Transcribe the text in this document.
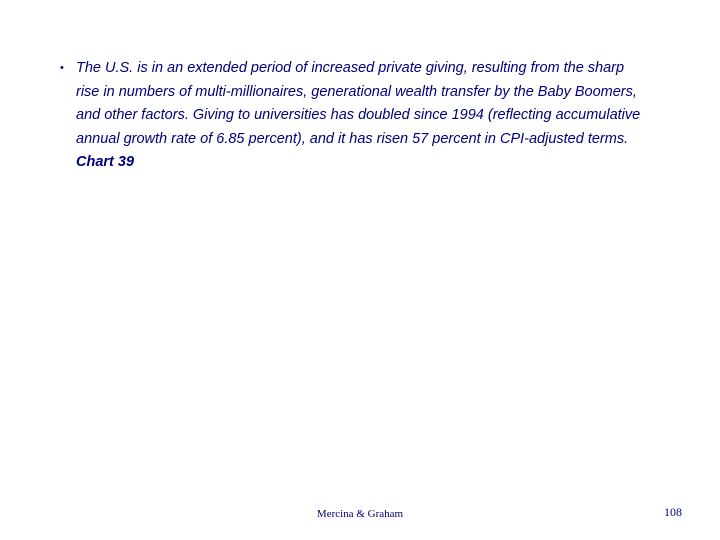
• The U.S. is in an extended period of increased private giving, resulting from the sharp
rise in numbers of multi-millionaires, generational wealth transfer by the Baby Boomers,
and other factors. Giving to universities has doubled since 1994 (reflecting accumulative
annual growth rate of 6.85 percent), and it has risen 57 percent in CPI-adjusted terms.
Chart 39
Mercina & Graham	108
